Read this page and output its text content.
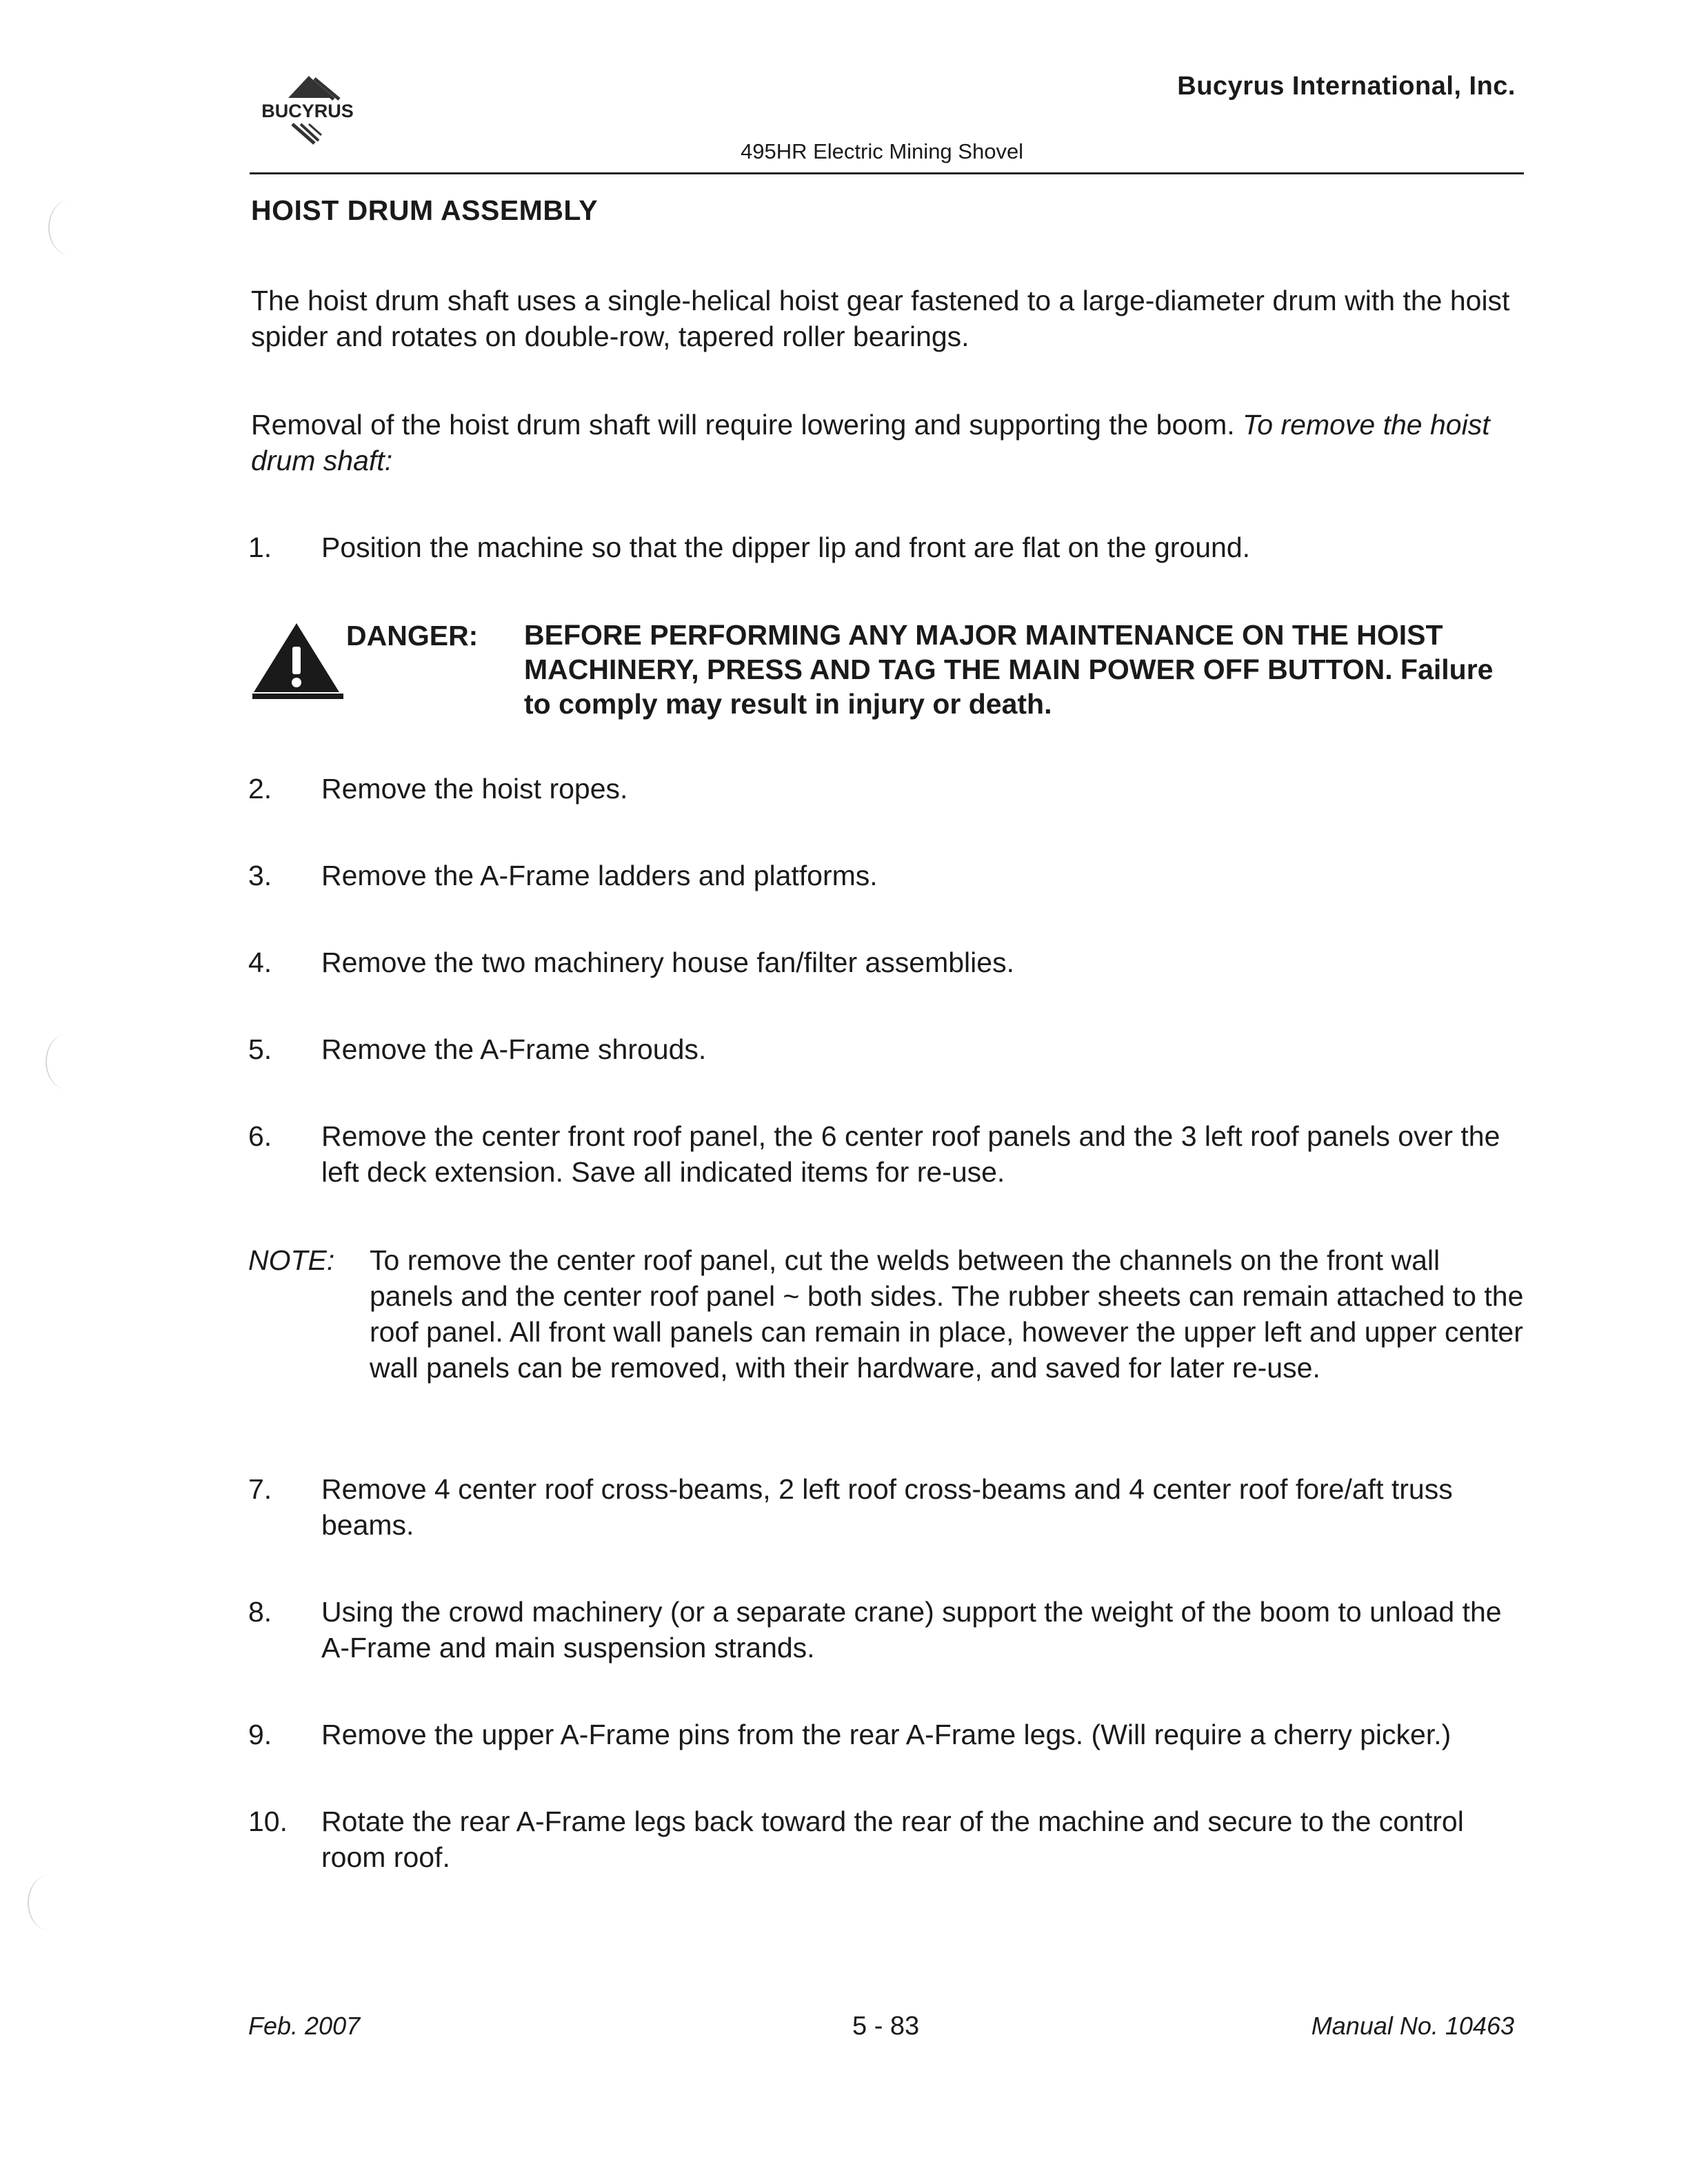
BUCYRUS
Bucyrus International, Inc.
495HR Electric Mining Shovel
HOIST DRUM ASSEMBLY
The hoist drum shaft uses a single-helical hoist gear fastened to a large-diameter drum with the hoist spider and rotates on double-row, tapered roller bearings.
Removal of the hoist drum shaft will require lowering and supporting the boom. To remove the hoist drum shaft:
1.	Position the machine so that the dipper lip and front are flat on the ground.
DANGER: BEFORE PERFORMING ANY MAJOR MAINTENANCE ON THE HOIST MACHINERY, PRESS AND TAG THE MAIN POWER OFF BUTTON. Failure to comply may result in injury or death.
2.	Remove the hoist ropes.
3.	Remove the A-Frame ladders and platforms.
4.	Remove the two machinery house fan/filter assemblies.
5.	Remove the A-Frame shrouds.
6.	Remove the center front roof panel, the 6 center roof panels and the 3 left roof panels over the left deck extension. Save all indicated items for re-use.
NOTE:	To remove the center roof panel, cut the welds between the channels on the front wall panels and the center roof panel ~ both sides. The rubber sheets can remain attached to the roof panel. All front wall panels can remain in place, however the upper left and upper center wall panels can be removed, with their hardware, and saved for later re-use.
7.	Remove 4 center roof cross-beams, 2 left roof cross-beams and 4 center roof fore/aft truss beams.
8.	Using the crowd machinery (or a separate crane) support the weight of the boom to unload the A-Frame and main suspension strands.
9.	Remove the upper A-Frame pins from the rear A-Frame legs. (Will require a cherry picker.)
10.	Rotate the rear A-Frame legs back toward the rear of the machine and secure to the control room roof.
Feb. 2007	5 - 83	Manual No. 10463
